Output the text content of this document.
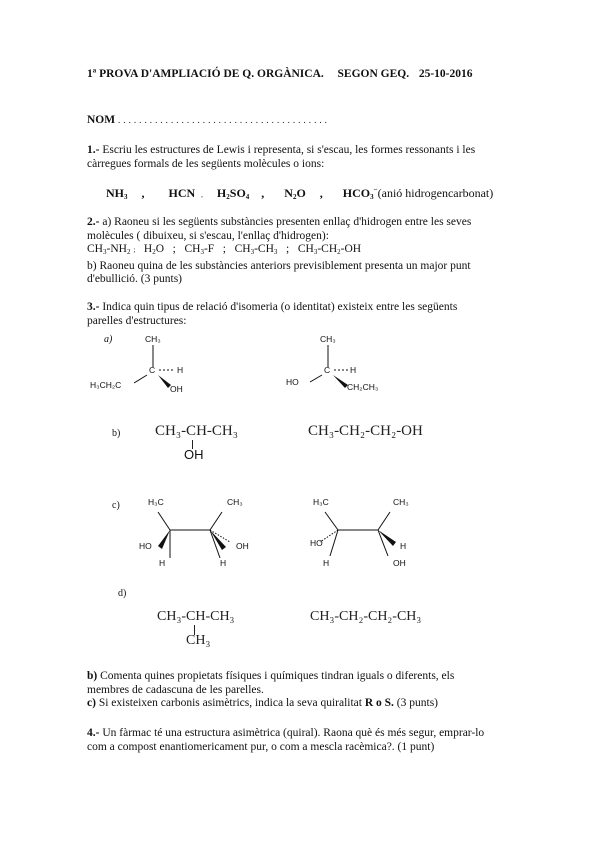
1ª PROVA D'AMPLIACIÓ DE Q. ORGÀNICA. SEGON GEQ. 25-10-2016
NOM . . . . . . . . . . . . . . . . . . . . . . . . . . . . . . . . . . . . . . . .
1.- Escriu les estructures de Lewis i representa, si s'escau, les formes ressonants i les
càrregues formals de les següents molècules o ions:
$NH_3$ , HCN , $H_2SO_4$ , $N_2O$ , $HCO_3^-(anió$ hidrogencarbonat)
2.- a) Raoneu si les següents substàncies presenten enllaç d'hidrogen entre les seves
molècules ( dibuixeu, si s'escau, l'enllaç d'hidrogen):
$CH_3-NH_2$ ;   $H_2O$   ;   $CH_3-F$   ;   $CH_3-CH_3$   ;   $CH_3-CH_2-OH$
b) Raoneu quina de les substàncies anteriors previsiblement presenta un major punt
d'ebullició. (3 punts)
3.- Indica quin tipus de relació d'isomeria (o identitat) existeix entre les següents
parelles d'estructures:
a)	CH₃
C	H
H₃CH₂C	OH
CH₃
C H
HO	CH₂CH₃
b) CH₃-CH-CH₃
OH
CH₃-CH₂-CH₂-OH
c)	H₃C	CH₃
HO	OH
H	H
H₃C	CH₃
HO	H
H	OH
d)
CH₃-CH-CH₃
CH₃
CH₃-CH₂-CH₂-CH₃
b) Comenta quines propietats físiques i químiques tindran iguals o diferents, els
membres de cadascuna de les parelles.
c) Si existeixen carbonis asimètrics, indica la seva quiralitat R o S. (3 punts)
4.- Un fàrmac té una estructura asimètrica (quiral). Raona què és més segur, emprar-lo
com a compost enantiomericament pur, o com a mescla racèmica?. (1 punt)
